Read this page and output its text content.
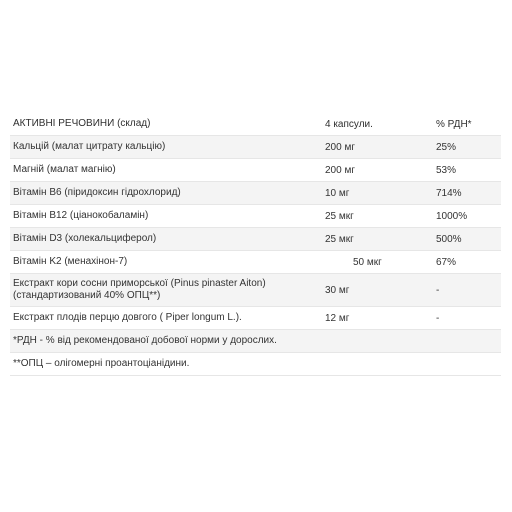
АКТИВНІ РЕЧОВИНИ (склад)	4 капсули.	% РДН*
Кальцій (малат цитрату кальцію)	200 мг	25%
Магній (малат магнію)	200 мг	53%
Вітамін B6 (піридоксин гідрохлорид)	10 мг	714%
Вітамін B12 (ціанокобаламін)	25 мкг	1000%
Вітамін D3 (холекальциферол)	25 мкг	500%
Вітамін K2 (менахінон-7)	50 мкг	67%
Екстракт кори сосни приморської (Pinus pinaster Aiton)
(стандартизований 40% ОПЦ**)	30 мг	-
Екстракт плодів перцю довгого ( Piper longum L.).	12 мг	-
*РДН - % від рекомендованої добової норми у дорослих.
**ОПЦ – олігомерні проантоціанідини.
